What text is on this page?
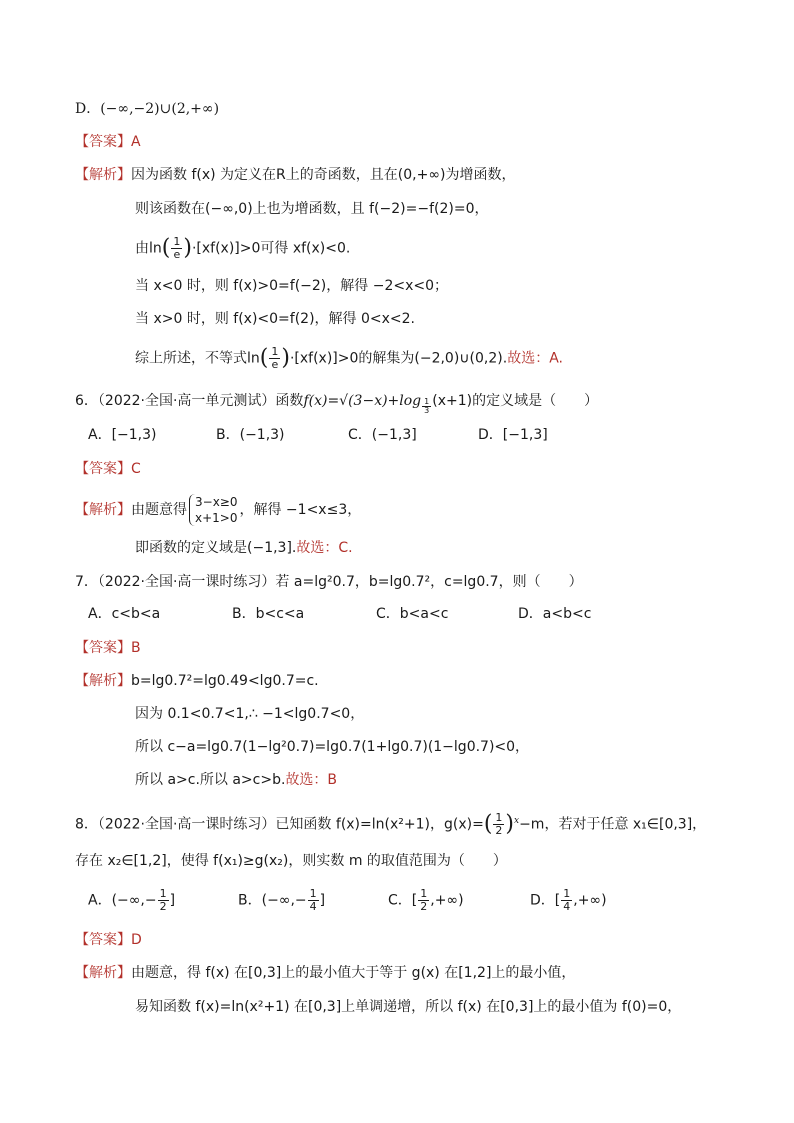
D．(−∞,−2)∪(2,+∞)
【答案】A
【解析】因为函数 f(x) 为定义在R上的奇函数，且在(0,+∞)为增函数，
则该函数在(−∞,0)上也为增函数，且 f(−2)=−f(2)=0，
由$\ln( \frac{1}{e} )\cdot[xf(x)]>0$可得 xf(x)<0.
当 x<0 时，则 f(x)>0=f(−2)，解得 −2<x<0；
当 x>0 时，则 f(x)<0=f(2)，解得 0<x<2.
综上所述，不等式$\ln( \frac{1}{e} )\cdot[xf(x)]>0$的解集为(−2,0)∪(0,2).故选：A.
6．（2022·全国·高一单元测试）函数f(x)=√(3−x)+log $_{\frac{1}{3}}$ (x+1)的定义域是（　　）
A．[−1,3)	B．(−1,3)	C．(−1,3]	D．[−1,3]
【答案】C
【解析】由题意得 3−x≥0
x+1>0 ，解得 −1<x≤3，
即函数的定义域是(−1,3].故选：C.
7．（2022·全国·高一课时练习）若 a=lg²0.7，b=lg0.7²，c=lg0.7，则（　　）
A．c<b<a	B．b<c<a	C．b<a<c	D．a<b<c
【答案】B
【解析】b=lg0.7²=lg0.49<lg0.7=c.
因为 0.1<0.7<1,∴ −1<lg0.7<0，
所以 c−a=lg0.7(1−lg²0.7)=lg0.7(1+lg0.7)(1−lg0.7)<0，
所以 a>c.所以 a>c>b.故选：B
8．（2022·全国·高一课时练习）已知函数 f(x)=ln(x²+1)，$g(x)=( \frac{1}{2} )^x-m$，若对于任意 x₁∈[0,3]，
存在 x₂∈[1,2]，使得 f(x₁)≥g(x₂)，则实数 m 的取值范围为（　　）
A．(−∞,− $\frac{1}{2}$ ]	B．(−∞,− $\frac{1}{4}$ ]	C．[ $\frac{1}{2}$ ,+∞)	D．[ $\frac{1}{4}$ ,+∞)
【答案】D
【解析】由题意，得 f(x) 在[0,3]上的最小值大于等于 g(x) 在[1,2]上的最小值，
易知函数 f(x)=ln(x²+1) 在[0,3]上单调递增，所以 f(x) 在[0,3]上的最小值为 f(0)=0，
